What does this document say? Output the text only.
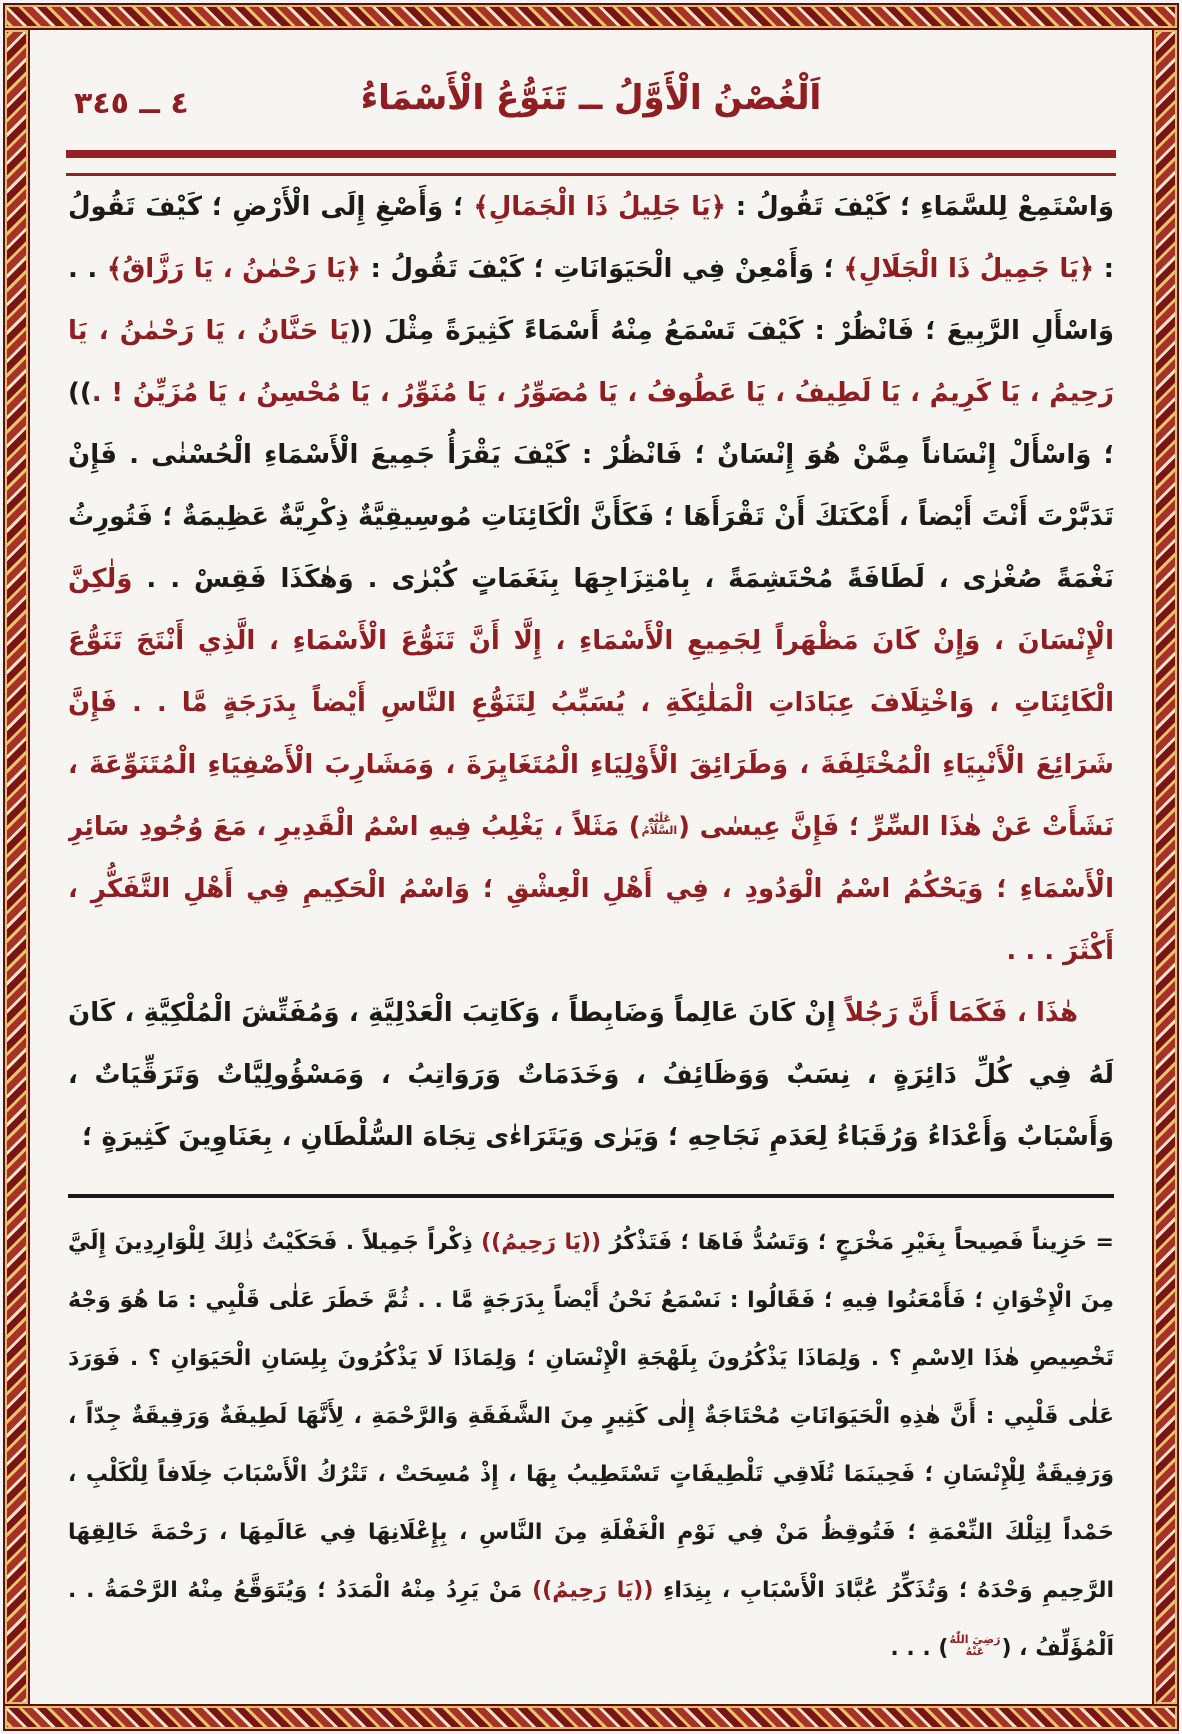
٤ ــ ٣٤٥	اَلْغُصْنُ الْأَوَّلُ ــ تَنَوُّعُ الْأَسْمَاءُ

وَاسْتَمِعْ لِلسَّمَاءِ ؛ كَيْفَ تَقُولُ : ﴿يَا جَلِيلُ ذَا الْجَمَالِ﴾ ؛ وَأَصْغِ إِلَى الْأَرْضِ ؛ كَيْفَ تَقُولُ : ﴿يَا جَمِيلُ ذَا الْجَلَالِ﴾ ؛ وَأَمْعِنْ فِي الْحَيَوَانَاتِ ؛ كَيْفَ تَقُولُ : ﴿يَا رَحْمٰنُ ، يَا رَزَّاقُ﴾ . . وَاسْأَلِ الرَّبِيعَ ؛ فَانْظُرْ : كَيْفَ تَسْمَعُ مِنْهُ أَسْمَاءً كَثِيرَةً مِثْلَ ((يَا حَنَّانُ ، يَا رَحْمٰنُ ، يَا رَحِيمُ ، يَا كَرِيمُ ، يَا لَطِيفُ ، يَا عَطُوفُ ، يَا مُصَوِّرُ ، يَا مُنَوِّرُ ، يَا مُحْسِنُ ، يَا مُزَيِّنُ ! .)) ؛ وَاسْأَلْ إِنْسَاناً مِمَّنْ هُوَ إِنْسَانٌ ؛ فَانْظُرْ : كَيْفَ يَقْرَأُ جَمِيعَ الْأَسْمَاءِ الْحُسْنٰى . فَإِنْ تَدَبَّرْتَ أَنْتَ أَيْضاً ، أَمْكَنَكَ أَنْ تَقْرَأَهَا ؛ فَكَأَنَّ الْكَائِنَاتِ مُوسِيقِيَّةٌ ذِكْرِيَّةٌ عَظِيمَةٌ ؛ فَتُورِثُ نَغْمَةً صُغْرٰى ، لَطَافَةً مُحْتَشِمَةً ، بِامْتِزَاجِهَا بِنَغَمَاتٍ كُبْرٰى . وَهٰكَذَا فَقِسْ . . وَلٰكِنَّ الْإِنْسَانَ ، وَإِنْ كَانَ مَظْهَراً لِجَمِيعِ الْأَسْمَاءِ ، إِلَّا أَنَّ تَنَوُّعَ الْأَسْمَاءِ ، الَّذِي أَنْتَجَ تَنَوُّعَ الْكَائِنَاتِ ، وَاخْتِلَافَ عِبَادَاتِ الْمَلٰئِكَةِ ، يُسَبِّبُ لِتَنَوُّعِ النَّاسِ أَيْضاً بِدَرَجَةٍ مَّا . . فَإِنَّ شَرَائِعَ الْأَنْبِيَاءِ الْمُخْتَلِفَةَ ، وَطَرَائِقَ الْأَوْلِيَاءِ الْمُتَغَايِرَةَ ، وَمَشَارِبَ الْأَصْفِيَاءِ الْمُتَنَوِّعَةَ ، نَشَأَتْ عَنْ هٰذَا السِّرِّ ؛ فَإِنَّ عِيسٰى (
عَلَيْهِ
السَّلَامُ
) مَثَلاً ، يَغْلِبُ فِيهِ اسْمُ الْقَدِيرِ ، مَعَ وُجُودِ سَائِرِ الْأَسْمَاءِ ؛ وَيَحْكُمُ اسْمُ الْوَدُودِ ، فِي أَهْلِ الْعِشْقِ ؛ وَاسْمُ الْحَكِيمِ فِي أَهْلِ التَّفَكُّرِ ، أَكْثَرَ . . .

هٰذَا ، فَكَمَا أَنَّ رَجُلاً إِنْ كَانَ عَالِماً وَضَابِطاً ، وَكَاتِبَ الْعَدْلِيَّةِ ، وَمُفَتِّشَ الْمُلْكِيَّةِ ، كَانَ لَهُ فِي كُلِّ دَائِرَةٍ ، نِسَبٌ وَوَظَائِفُ ، وَخَدَمَاتٌ وَرَوَاتِبُ ، وَمَسْؤُولِيَّاتٌ وَتَرَقِّيَاتٌ ، وَأَسْبَابٌ وَأَعْدَاءُ وَرُقَبَاءُ لِعَدَمِ نَجَاحِهِ ؛ وَيَرٰى وَيَتَرَاءٰى تِجَاهَ السُّلْطَانِ ، بِعَنَاوِينَ كَثِيرَةٍ ؛

= حَزِيناً فَصِيحاً بِغَيْرِ مَخْرَجٍ ؛ وَتَسُدُّ فَاهَا ؛ فَتَذْكُرُ ((يَا رَحِيمُ)) ذِكْراً جَمِيلاً . فَحَكَيْتُ ذٰلِكَ لِلْوَارِدِينَ إِلَيَّ مِنَ الْإِخْوَانِ ؛ فَأَمْعَنُوا فِيهِ ؛ فَقَالُوا : نَسْمَعُ نَحْنُ أَيْضاً بِدَرَجَةٍ مَّا . . ثُمَّ خَطَرَ عَلٰى قَلْبِي : مَا هُوَ وَجْهُ تَخْصِيصِ هٰذَا الِاسْمِ ؟ . وَلِمَاذَا يَذْكُرُونَ بِلَهْجَةِ الْإِنْسَانِ ؛ وَلِمَاذَا لَا يَذْكُرُونَ بِلِسَانِ الْحَيَوَانِ ؟ . فَوَرَدَ عَلٰى قَلْبِي : أَنَّ هٰذِهِ الْحَيَوَانَاتِ مُحْتَاجَةٌ إِلٰى كَثِيرٍ مِنَ الشَّفَقَةِ وَالرَّحْمَةِ ، لِأَنَّهَا لَطِيفَةٌ وَرَقِيقَةٌ جِدّاً ، وَرَفِيقَةٌ لِلْإِنْسَانِ ؛ فَحِينَمَا تُلَاقِي تَلْطِيفَاتٍ تَسْتَطِيبُ بِهَا ، إِذْ مُسِحَتْ ، تَتْرُكُ الْأَسْبَابَ خِلَافاً لِلْكَلْبِ ، حَمْداً لِتِلْكَ النِّعْمَةِ ؛ فَتُوقِظُ مَنْ فِي نَوْمِ الْغَفْلَةِ مِنَ النَّاسِ ، بِإِعْلَانِهَا فِي عَالَمِهَا ، رَحْمَةَ خَالِقِهَا الرَّحِيمِ وَحْدَهُ ؛ وَتُذَكِّرُ عُبَّادَ الْأَسْبَابِ ، بِنِدَاءِ ((يَا رَحِيمُ)) مَنْ يَرِدُ مِنْهُ الْمَدَدُ ؛ وَيُتَوَقَّعُ مِنْهُ الرَّحْمَةُ . . اَلْمُؤَلِّفُ ، (
رَضِيَ اللّٰهُ
عَنْهُ
) . . .
